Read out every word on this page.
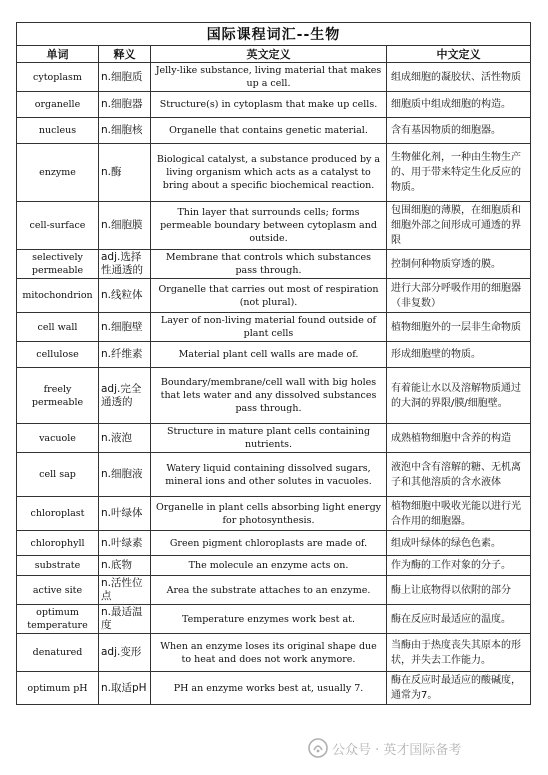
国际课程词汇--生物			
单词	释义	英文定义	中文定义
cytoplasm	n.细胞质	Jelly-like substance, living material that makes up a cell.	组成细胞的凝胶状、活性物质
organelle	n.细胞器	Structure(s) in cytoplasm that make up cells.	细胞质中组成细胞的构造。
nucleus	n.细胞核	Organelle that contains genetic material.	含有基因物质的细胞器。
enzyme	n.酶	Biological catalyst, a substance produced by a living organism which acts as a catalyst to bring about a specific biochemical reaction.	生物催化剂，一种由生物生产的、用于带来特定生化反应的物质。
cell-surface	n.细胞膜	Thin layer that surrounds cells; forms permeable boundary between cytoplasm and outside.	包围细胞的薄膜，在细胞质和细胞外部之间形成可通透的界限
selectively permeable	adj.选择性通透的	Membrane that controls which substances pass through.	控制何种物质穿透的膜。
mitochondrion	n.线粒体	Organelle that carries out most of respiration (not plural).	进行大部分呼吸作用的细胞器（非复数）
cell wall	n.细胞壁	Layer of non-living material found outside of plant cells	植物细胞外的一层非生命物质
cellulose	n.纤维素	Material plant cell walls are made of.	形成细胞壁的物质。
freely permeable	adj.完全通透的	Boundary/membrane/cell wall with big holes that lets water and any dissolved substances pass through.	有着能让水以及溶解物质通过的大洞的界限/膜/细胞壁。
vacuole	n.液泡	Structure in mature plant cells containing nutrients.	成熟植物细胞中含养的构造
cell sap	n.细胞液	Watery liquid containing dissolved sugars, mineral ions and other solutes in vacuoles.	液泡中含有溶解的糖、无机离子和其他溶质的含水液体
chloroplast	n.叶绿体	Organelle in plant cells absorbing light energy for photosynthesis.	植物细胞中吸收光能以进行光合作用的细胞器。
chlorophyll	n.叶绿素	Green pigment chloroplasts are made of.	组成叶绿体的绿色色素。
substrate	n.底物	The molecule an enzyme acts on.	作为酶的工作对象的分子。
active site	n.活性位点	Area the substrate attaches to an enzyme.	酶上让底物得以依附的部分
optimum temperature	n.最适温度	Temperature enzymes work best at.	酶在反应时最适应的温度。
denatured	adj.变形	When an enzyme loses its original shape due to heat and does not work anymore.	当酶由于热度丧失其原本的形状，并失去工作能力。
optimum pH	n.取适pH	PH an enzyme works best at, usually 7.	酶在反应时最适应的酸碱度，通常为7。
公众号 · 英才国际备考
